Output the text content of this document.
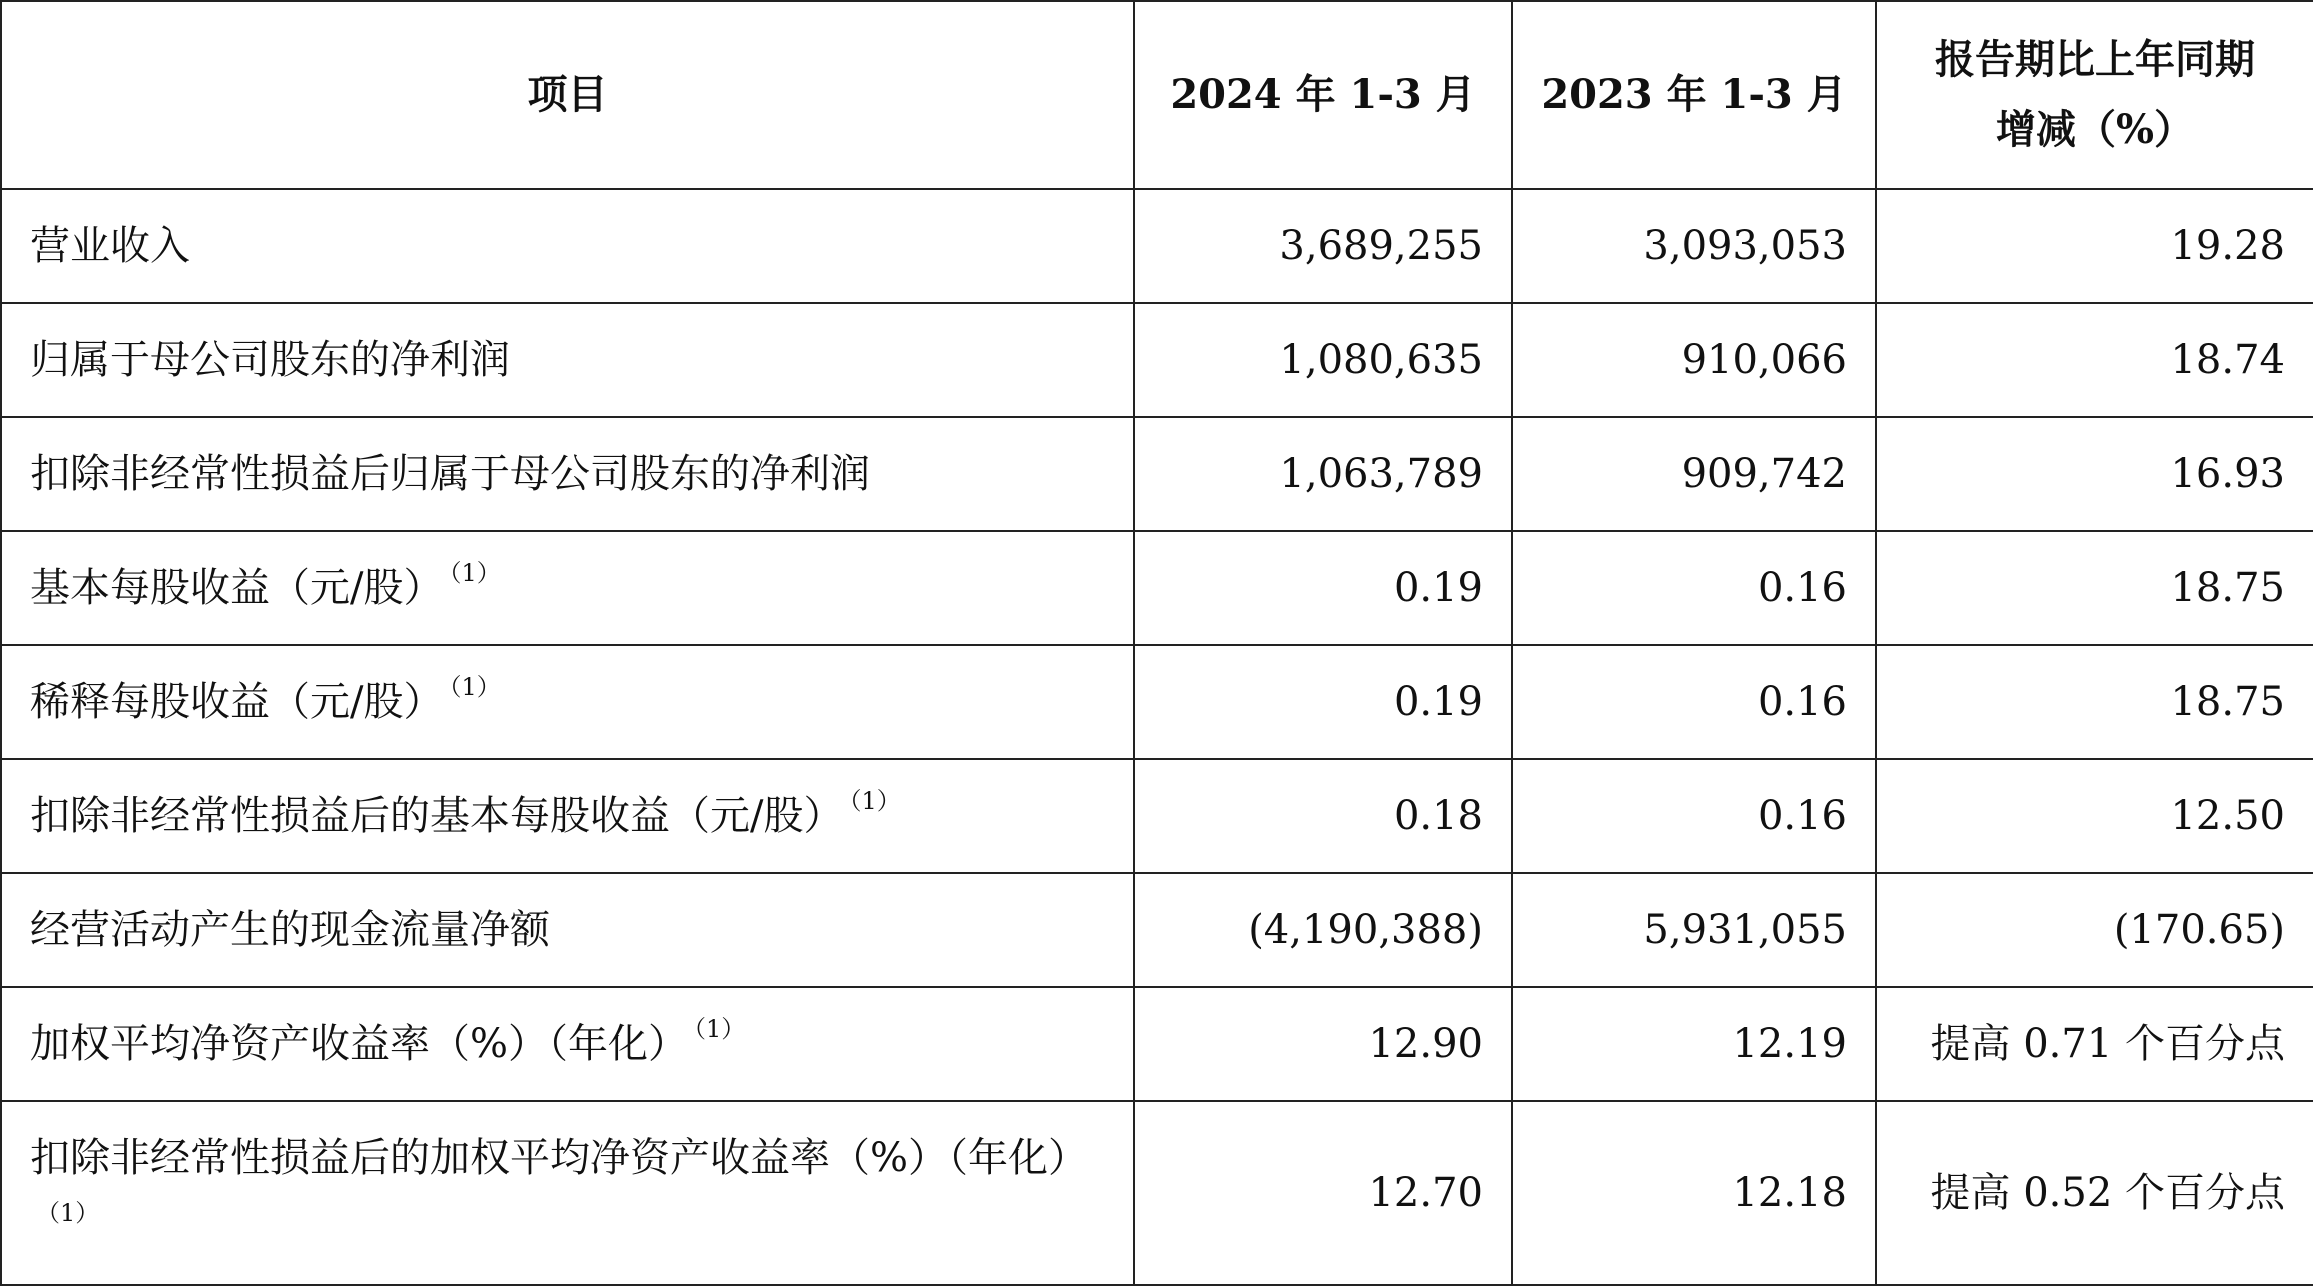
项目	2024 年 1-3 月	2023 年 1-3 月	报告期比上年同期
增减（%）
营业收入	3,689,255	3,093,053	19.28
归属于母公司股东的净利润	1,080,635	910,066	18.74
扣除非经常性损益后归属于母公司股东的净利润	1,063,789	909,742	16.93
基本每股收益（元/股） $^{(1)}$	0.19	0.16	18.75
稀释每股收益（元/股） $^{(1)}$	0.19	0.16	18.75
扣除非经常性损益后的基本每股收益（元/股） $^{(1)}$	0.18	0.16	12.50
经营活动产生的现金流量净额	(4,190,388)	5,931,055	(170.65)
加权平均净资产收益率（%）（年化） $^{(1)}$	12.90	12.19	提高 0.71 个百分点
扣除非经常性损益后的加权平均净资产收益率（%）（年化）$^{(1)}$	12.70	12.18	提高 0.52 个百分点
